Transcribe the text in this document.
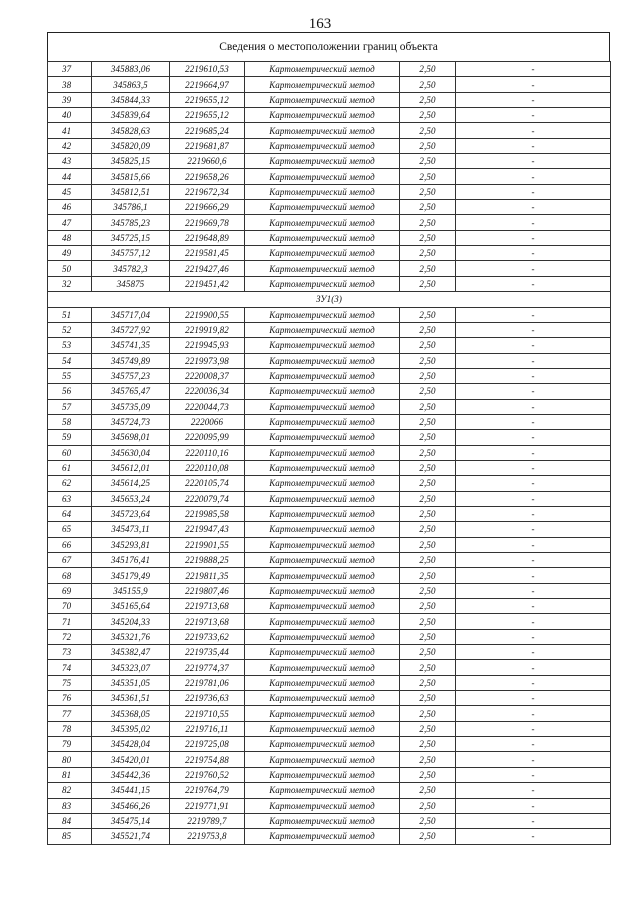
163
Сведения о местоположении границ объекта
37	345883,06	2219610,53	Картометрический метод	2,50	-
38	345863,5	2219664,97	Картометрический метод	2,50	-
39	345844,33	2219655,12	Картометрический метод	2,50	-
40	345839,64	2219655,12	Картометрический метод	2,50	-
41	345828,63	2219685,24	Картометрический метод	2,50	-
42	345820,09	2219681,87	Картометрический метод	2,50	-
43	345825,15	2219660,6	Картометрический метод	2,50	-
44	345815,66	2219658,26	Картометрический метод	2,50	-
45	345812,51	2219672,34	Картометрический метод	2,50	-
46	345786,1	2219666,29	Картометрический метод	2,50	-
47	345785,23	2219669,78	Картометрический метод	2,50	-
48	345725,15	2219648,89	Картометрический метод	2,50	-
49	345757,12	2219581,45	Картометрический метод	2,50	-
50	345782,3	2219427,46	Картометрический метод	2,50	-
32	345875	2219451,42	Картометрический метод	2,50	-
ЗУ1(3)					
51	345717,04	2219900,55	Картометрический метод	2,50	-
52	345727,92	2219919,82	Картометрический метод	2,50	-
53	345741,35	2219945,93	Картометрический метод	2,50	-
54	345749,89	2219973,98	Картометрический метод	2,50	-
55	345757,23	2220008,37	Картометрический метод	2,50	-
56	345765,47	2220036,34	Картометрический метод	2,50	-
57	345735,09	2220044,73	Картометрический метод	2,50	-
58	345724,73	2220066	Картометрический метод	2,50	-
59	345698,01	2220095,99	Картометрический метод	2,50	-
60	345630,04	2220110,16	Картометрический метод	2,50	-
61	345612,01	2220110,08	Картометрический метод	2,50	-
62	345614,25	2220105,74	Картометрический метод	2,50	-
63	345653,24	2220079,74	Картометрический метод	2,50	-
64	345723,64	2219985,58	Картометрический метод	2,50	-
65	345473,11	2219947,43	Картометрический метод	2,50	-
66	345293,81	2219901,55	Картометрический метод	2,50	-
67	345176,41	2219888,25	Картометрический метод	2,50	-
68	345179,49	2219811,35	Картометрический метод	2,50	-
69	345155,9	2219807,46	Картометрический метод	2,50	-
70	345165,64	2219713,68	Картометрический метод	2,50	-
71	345204,33	2219713,68	Картометрический метод	2,50	-
72	345321,76	2219733,62	Картометрический метод	2,50	-
73	345382,47	2219735,44	Картометрический метод	2,50	-
74	345323,07	2219774,37	Картометрический метод	2,50	-
75	345351,05	2219781,06	Картометрический метод	2,50	-
76	345361,51	2219736,63	Картометрический метод	2,50	-
77	345368,05	2219710,55	Картометрический метод	2,50	-
78	345395,02	2219716,11	Картометрический метод	2,50	-
79	345428,04	2219725,08	Картометрический метод	2,50	-
80	345420,01	2219754,88	Картометрический метод	2,50	-
81	345442,36	2219760,52	Картометрический метод	2,50	-
82	345441,15	2219764,79	Картометрический метод	2,50	-
83	345466,26	2219771,91	Картометрический метод	2,50	-
84	345475,14	2219789,7	Картометрический метод	2,50	-
85	345521,74	2219753,8	Картометрический метод	2,50	-
